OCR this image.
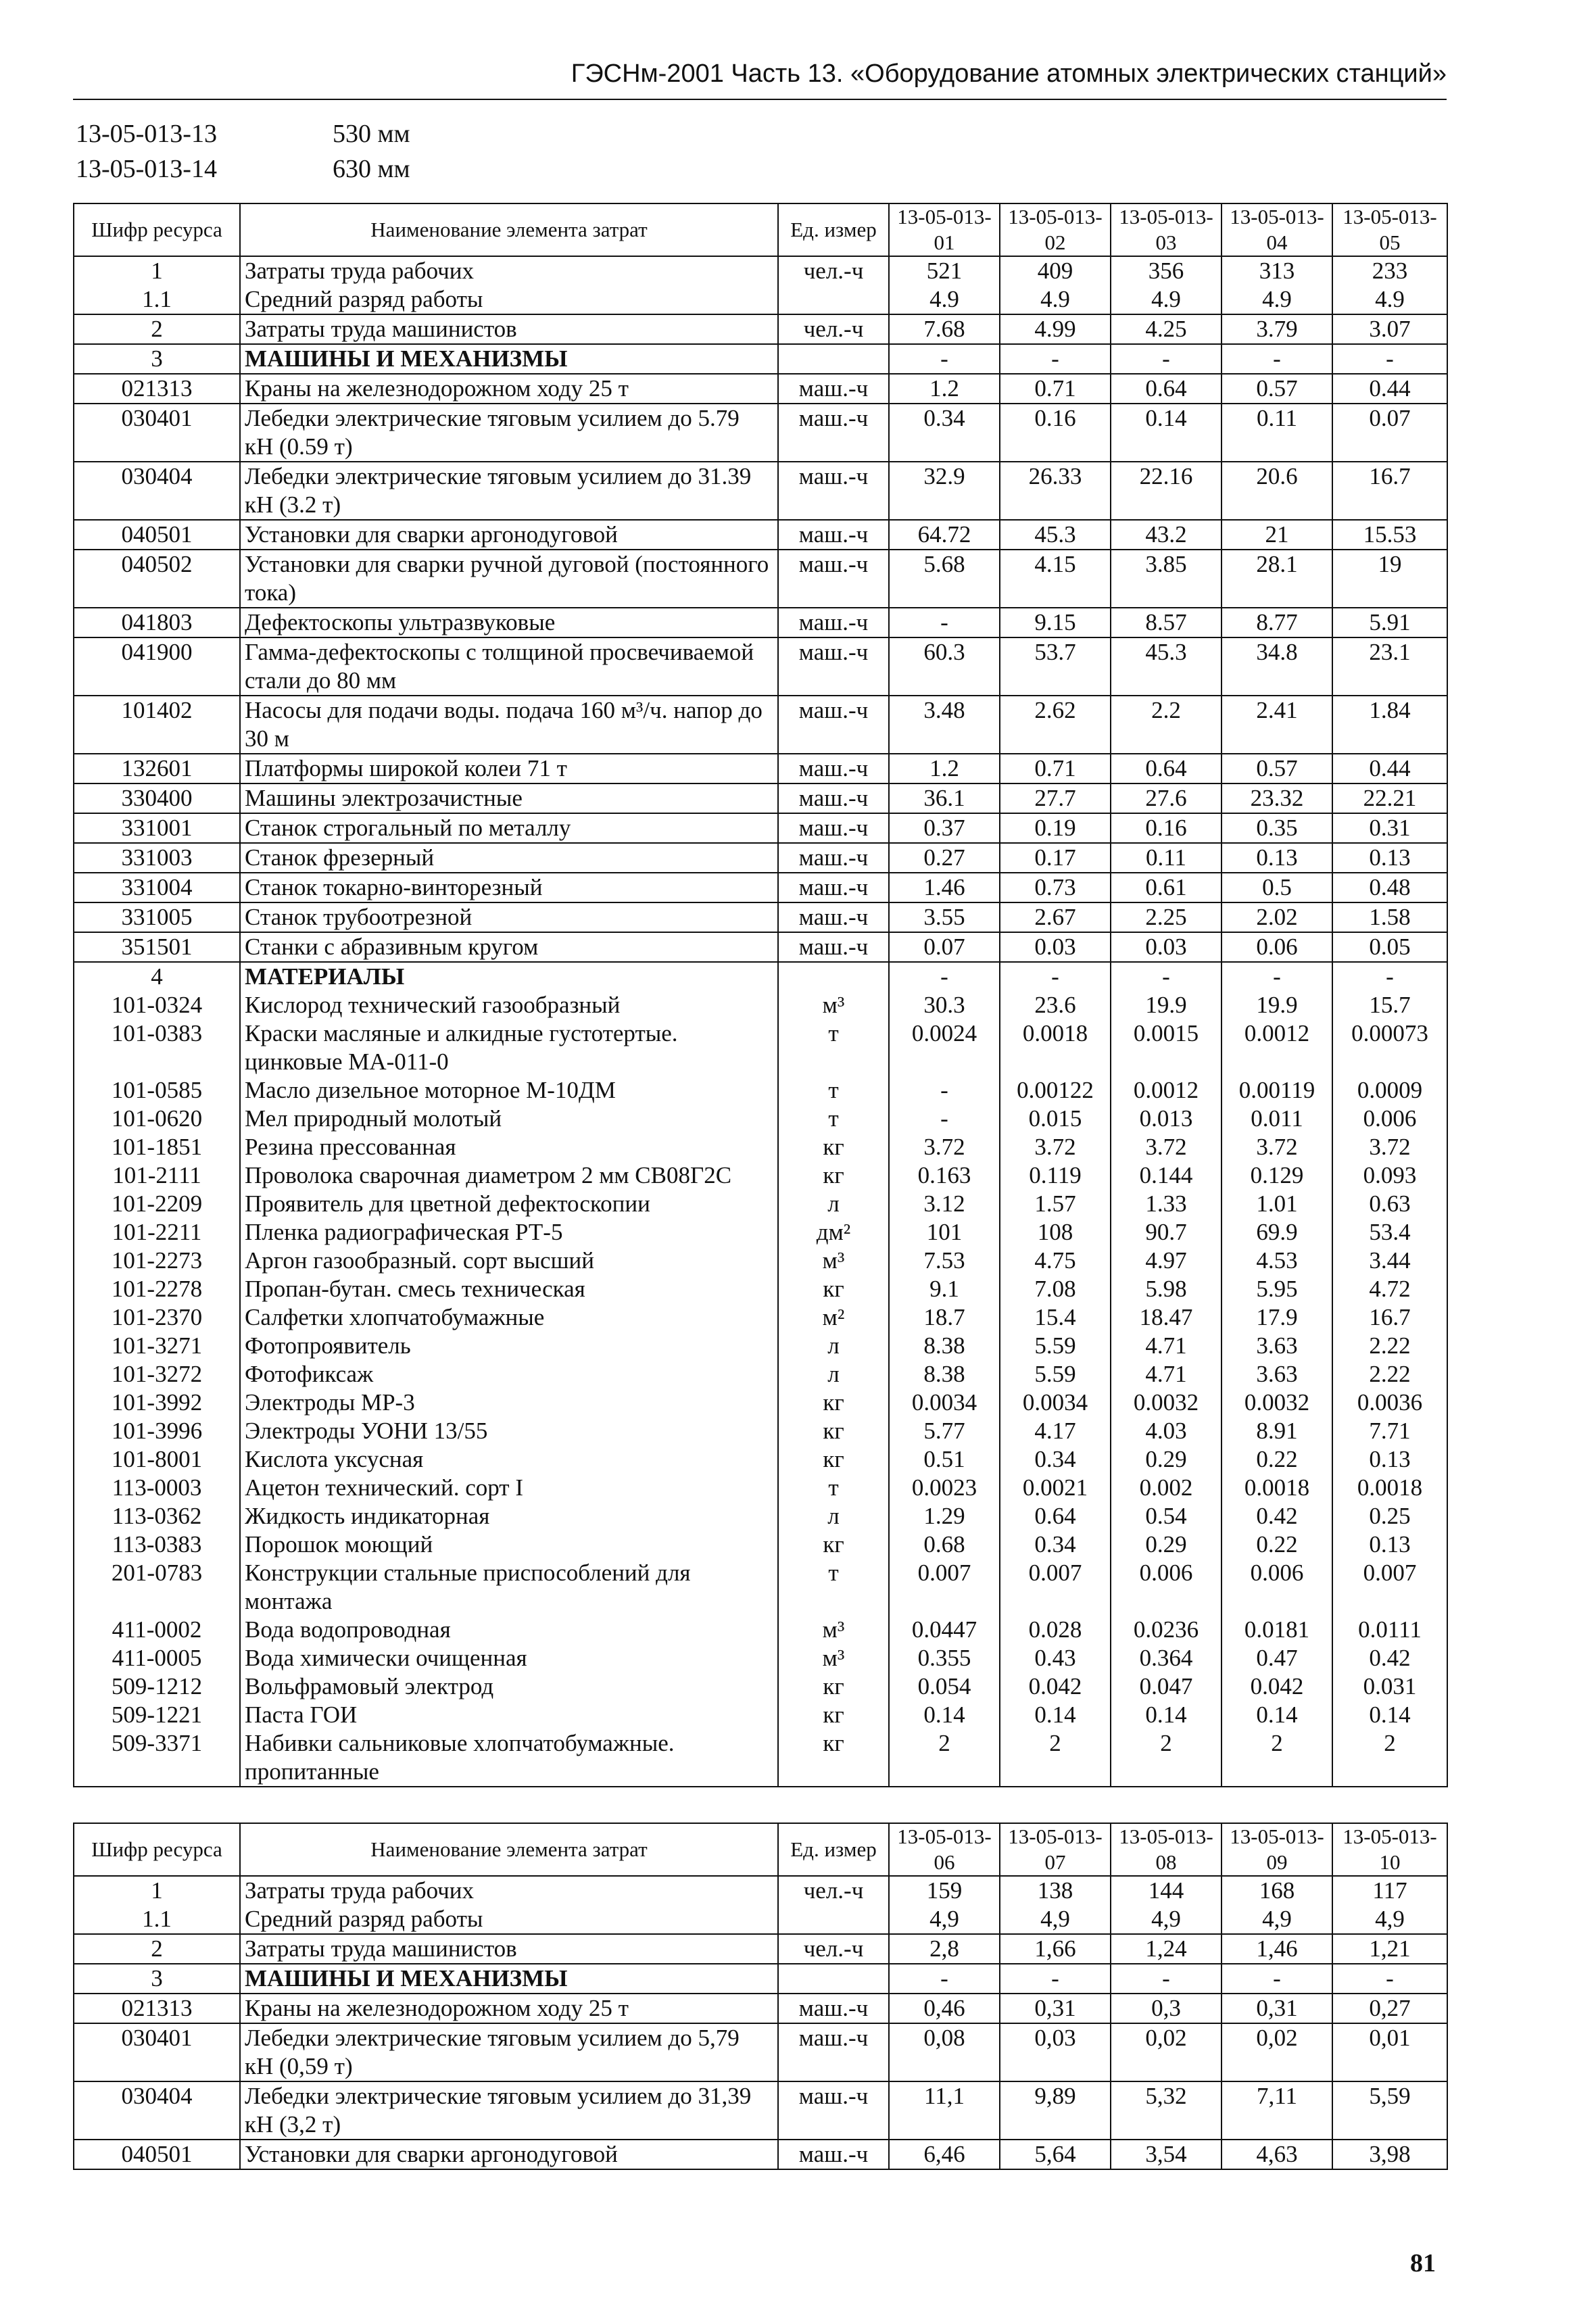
ГЭСНм-2001 Часть 13. «Оборудование атомных электрических станций»
13-05-013-13	530 мм
13-05-013-14	630 мм
Шифр ресурса	Наименование элемента затрат	Ед. измер	13-05-013-01	13-05-013-02	13-05-013-03	13-05-013-04	13-05-013-05
1	Затраты труда рабочих	чел.-ч	521	409	356	313	233
1.1	Средний разряд работы		4.9	4.9	4.9	4.9	4.9
2	Затраты труда машинистов	чел.-ч	7.68	4.99	4.25	3.79	3.07
3	МАШИНЫ И МЕХАНИЗМЫ		-	-	-	-	-
021313	Краны на железнодорожном ходу 25 т	маш.-ч	1.2	0.71	0.64	0.57	0.44
030401	Лебедки электрические тяговым усилием до 5.79 кН (0.59 т)	маш.-ч	0.34	0.16	0.14	0.11	0.07
030404	Лебедки электрические тяговым усилием до 31.39 кН (3.2 т)	маш.-ч	32.9	26.33	22.16	20.6	16.7
040501	Установки для сварки аргонодуговой	маш.-ч	64.72	45.3	43.2	21	15.53
040502	Установки для сварки ручной дуговой (постоянного тока)	маш.-ч	5.68	4.15	3.85	28.1	19
041803	Дефектоскопы ультразвуковые	маш.-ч	-	9.15	8.57	8.77	5.91
041900	Гамма-дефектоскопы с толщиной просвечиваемой стали до 80 мм	маш.-ч	60.3	53.7	45.3	34.8	23.1
101402	Насосы для подачи воды. подача 160 м³/ч. напор до 30 м	маш.-ч	3.48	2.62	2.2	2.41	1.84
132601	Платформы широкой колеи 71 т	маш.-ч	1.2	0.71	0.64	0.57	0.44
330400	Машины электрозачистные	маш.-ч	36.1	27.7	27.6	23.32	22.21
331001	Станок строгальный по металлу	маш.-ч	0.37	0.19	0.16	0.35	0.31
331003	Станок фрезерный	маш.-ч	0.27	0.17	0.11	0.13	0.13
331004	Станок токарно-винторезный	маш.-ч	1.46	0.73	0.61	0.5	0.48
331005	Станок трубоотрезной	маш.-ч	3.55	2.67	2.25	2.02	1.58
351501	Станки с абразивным кругом	маш.-ч	0.07	0.03	0.03	0.06	0.05
4	МАТЕРИАЛЫ		-	-	-	-	-
101-0324	Кислород технический газообразный	м³	30.3	23.6	19.9	19.9	15.7
101-0383	Краски масляные и алкидные густотертые. цинковые МА-011-0	т	0.0024	0.0018	0.0015	0.0012	0.00073
101-0585	Масло дизельное моторное М-10ДМ	т	-	0.00122	0.0012	0.00119	0.0009
101-0620	Мел природный молотый	т	-	0.015	0.013	0.011	0.006
101-1851	Резина прессованная	кг	3.72	3.72	3.72	3.72	3.72
101-2111	Проволока сварочная диаметром 2 мм СВ08Г2С	кг	0.163	0.119	0.144	0.129	0.093
101-2209	Проявитель для цветной дефектоскопии	л	3.12	1.57	1.33	1.01	0.63
101-2211	Пленка радиографическая РТ-5	дм²	101	108	90.7	69.9	53.4
101-2273	Аргон газообразный. сорт высший	м³	7.53	4.75	4.97	4.53	3.44
101-2278	Пропан-бутан. смесь техническая	кг	9.1	7.08	5.98	5.95	4.72
101-2370	Салфетки хлопчатобумажные	м²	18.7	15.4	18.47	17.9	16.7
101-3271	Фотопроявитель	л	8.38	5.59	4.71	3.63	2.22
101-3272	Фотофиксаж	л	8.38	5.59	4.71	3.63	2.22
101-3992	Электроды МР-3	кг	0.0034	0.0034	0.0032	0.0032	0.0036
101-3996	Электроды УОНИ 13/55	кг	5.77	4.17	4.03	8.91	7.71
101-8001	Кислота уксусная	кг	0.51	0.34	0.29	0.22	0.13
113-0003	Ацетон технический. сорт I	т	0.0023	0.0021	0.002	0.0018	0.0018
113-0362	Жидкость индикаторная	л	1.29	0.64	0.54	0.42	0.25
113-0383	Порошок моющий	кг	0.68	0.34	0.29	0.22	0.13
201-0783	Конструкции стальные приспособлений для монтажа	т	0.007	0.007	0.006	0.006	0.007
411-0002	Вода водопроводная	м³	0.0447	0.028	0.0236	0.0181	0.0111
411-0005	Вода химически очищенная	м³	0.355	0.43	0.364	0.47	0.42
509-1212	Вольфрамовый электрод	кг	0.054	0.042	0.047	0.042	0.031
509-1221	Паста ГОИ	кг	0.14	0.14	0.14	0.14	0.14
509-3371	Набивки сальниковые хлопчатобумажные. пропитанные	кг	2	2	2	2	2
Шифр ресурса	Наименование элемента затрат	Ед. измер	13-05-013-06	13-05-013-07	13-05-013-08	13-05-013-09	13-05-013-10
1	Затраты труда рабочих	чел.-ч	159	138	144	168	117
1.1	Средний разряд работы		4,9	4,9	4,9	4,9	4,9
2	Затраты труда машинистов	чел.-ч	2,8	1,66	1,24	1,46	1,21
3	МАШИНЫ И МЕХАНИЗМЫ		-	-	-	-	-
021313	Краны на железнодорожном ходу 25 т	маш.-ч	0,46	0,31	0,3	0,31	0,27
030401	Лебедки электрические тяговым усилием до 5,79 кН (0,59 т)	маш.-ч	0,08	0,03	0,02	0,02	0,01
030404	Лебедки электрические тяговым усилием до 31,39 кН (3,2 т)	маш.-ч	11,1	9,89	5,32	7,11	5,59
040501	Установки для сварки аргонодуговой	маш.-ч	6,46	5,64	3,54	4,63	3,98
81
